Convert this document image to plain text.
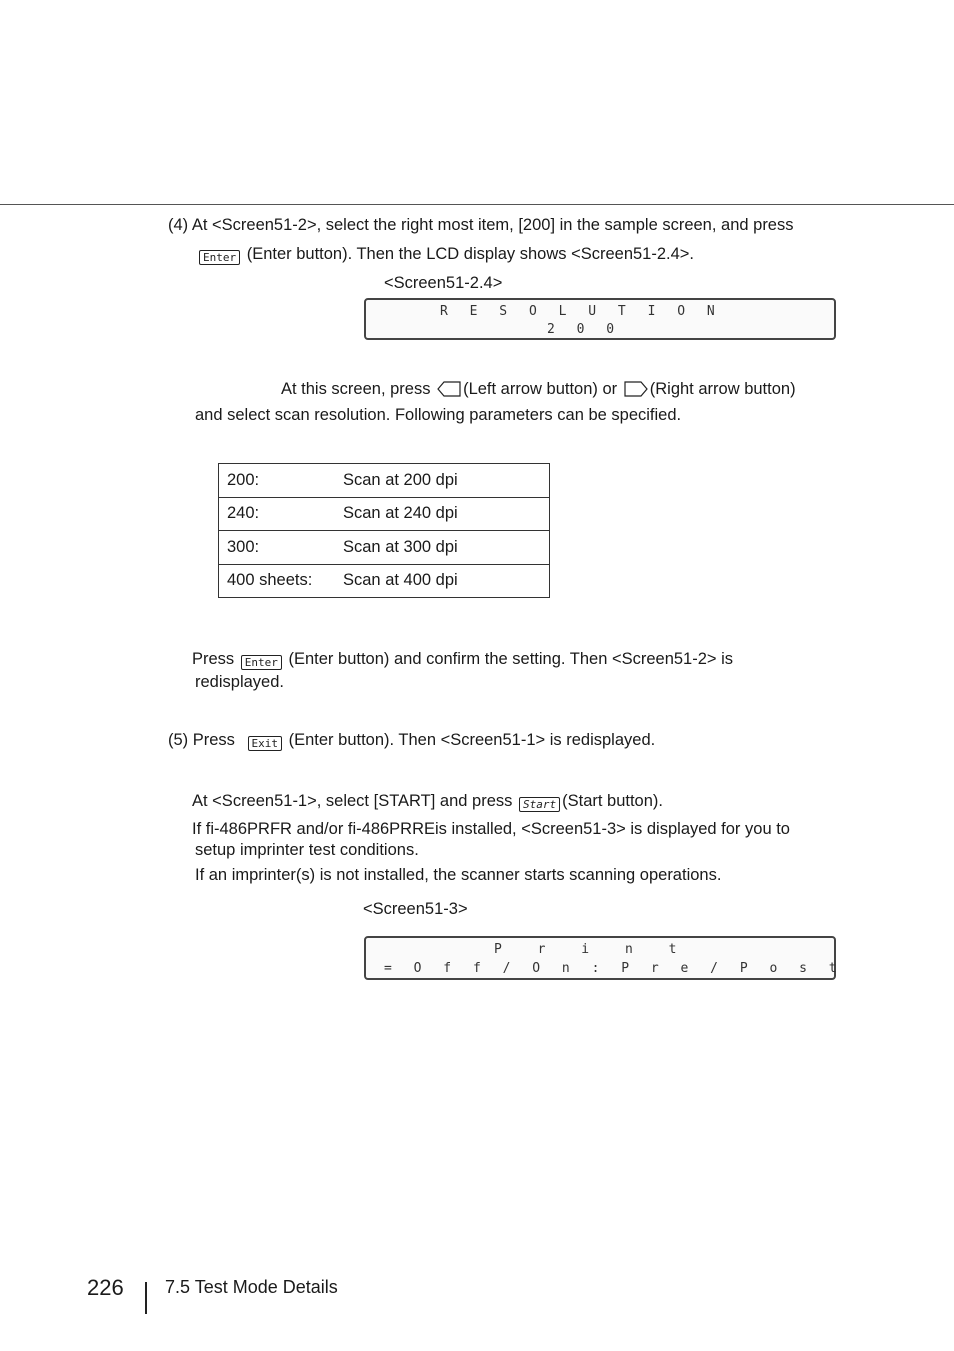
(4) At <Screen51-2>, select the right most item, [200] in the sample screen, and press
Enter (Enter button). Then the LCD display shows <Screen51-2.4>.
<Screen51-2.4>
R E S O L U T I O N
2 0 0
At this screen, press (Left arrow button) or (Right arrow button)
and select scan resolution. Following parameters can be specified.
200:	Scan at 200 dpi
240:	Scan at 240 dpi
300:	Scan at 300 dpi
400 sheets:	Scan at 400 dpi
Press Enter (Enter button) and confirm the setting. Then <Screen51-2> is
redisplayed.
(5) Press Exit (Enter button). Then <Screen51-1> is redisplayed.
At <Screen51-1>, select [START] and press Start (Start button).
If fi-486PRFR and/or fi-486PRREis installed, <Screen51-3> is displayed for you to
setup imprinter test conditions.
If an imprinter(s) is not installed, the scanner starts scanning operations.
<Screen51-3>
P r i n t
= O f f / O n : P r e / P o s t
226 7.5 Test Mode Details
